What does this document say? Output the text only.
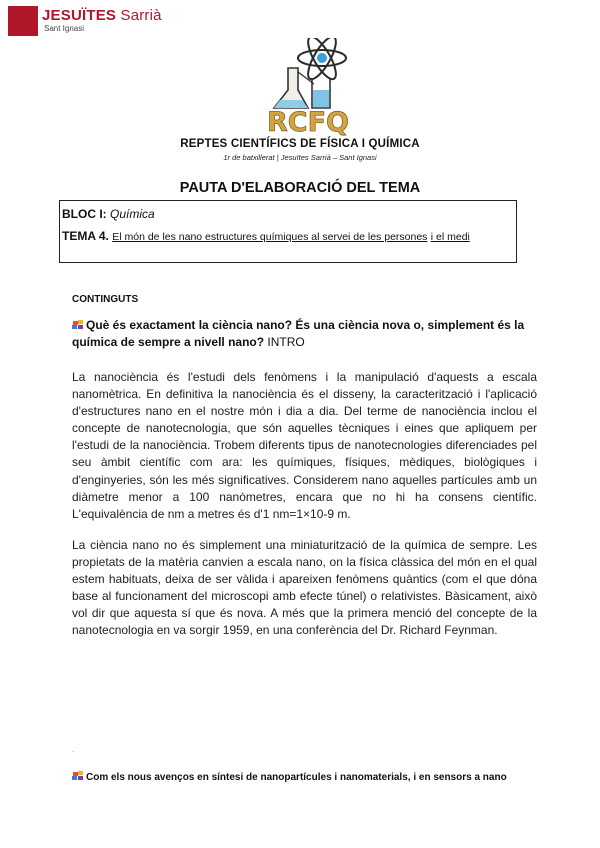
JESUÏTES Sarrià
Sant Ignasi
RCFQ
REPTES CIENTÍFICS DE FÍSICA I QUÍMICA
1r de batxillerat | Jesuïtes Sarrià – Sant Ignasi
PAUTA D'ELABORACIÓ DEL TEMA
BLOC I: Química
TEMA 4. El món de les nano estructures químiques al servei de les persones i el medi
CONTINGUTS
Què és exactament la ciència nano? És una ciència nova o, simplement és la química de sempre a nivell nano? INTRO
La nanociència és l'estudi dels fenòmens i la manipulació d'aquests a escala nanomètrica. En definitiva la nanociència és el disseny, la caracterització i l'aplicació d'estructures nano en el nostre món i dia a dia. Del terme de nanociència inclou el concepte de nanotecnologia, que són aquelles tècniques i eines que apliquem per l'estudi de la nanociència. Trobem diferents tipus de nanotecnologies diferenciades pel seu àmbit científic com ara: les químiques, físiques, mèdiques, biològiques i d'enginyeries, són les més significatives. Considerem nano aquelles partícules amb un diàmetre menor a 100 nanòmetres, encara que no hi ha consens científic. L'equivalència de nm a metres és d'1 nm=1×10-9 m.
La ciència nano no és simplement una miniaturització de la química de sempre. Les propietats de la matèria canvien a escala nano, on la física clàssica del món en el qual estem habituats, deixa de ser vàlida i apareixen fenòmens quàntics (com el que dóna base al funcionament del microscopi amb efecte túnel) o relativistes. Bàsicament, això vol dir que aquesta sí que és nova. A més que la primera menció del concepte de la nanotecnologia en va sorgir 1959, en una conferència del Dr. Richard Feynman.
.
Com els nous avenços en síntesi de nanopartícules i nanomaterials, i en sensors a nano
